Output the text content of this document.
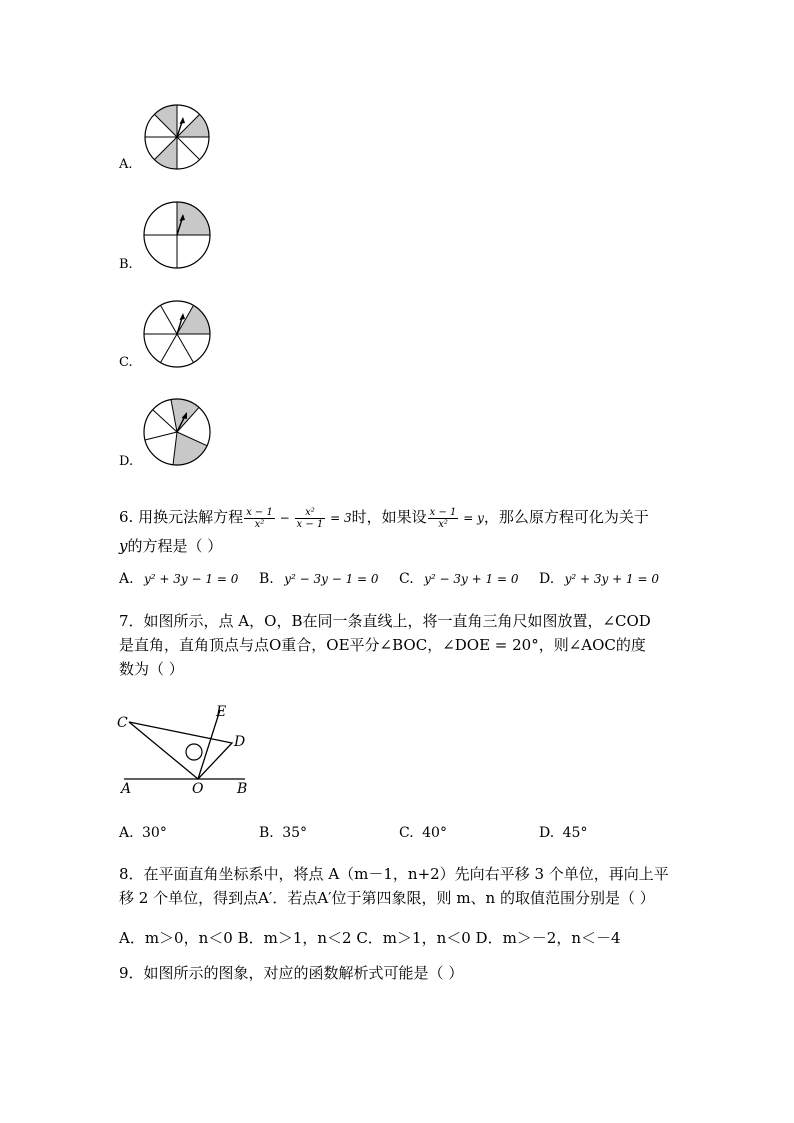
A.
B.
C.
D.
6. 用换元法解方程 $\frac{x - 1}{\text{x²}} - \frac{\text{x²}}{x - 1} = 3$时，如果设 $\frac{x - 1}{\text{x²}} = y$，那么原方程可化为关于
y的方程是（ ）
A. y² + 3y − 1 = 0 B. y² − 3y − 1 = 0 C. y² − 3y + 1 = 0 D. y² + 3y + 1 = 0
7．如图所示，点 A，O，B在同一条直线上，将一直角三角尺如图放置，∠COD
是直角，直角顶点与点O重合，OE平分∠BOC，∠DOE = 20°，则∠AOC的度
数为（ ）
C
E
D
A	O B
A. 30°	B. 35°	C. 40°	D. 45°
8．在平面直角坐标系中，将点 A（m－1，n+2）先向右平移 3 个单位，再向上平
移 2 个单位，得到点A′．若点A′位于第四象限，则 m、n 的取值范围分别是（ ）
A．m＞0，n＜0 B．m＞1，n＜2 C．m＞1，n＜0 D．m＞－2，n＜－4
9．如图所示的图象，对应的函数解析式可能是（ ）
